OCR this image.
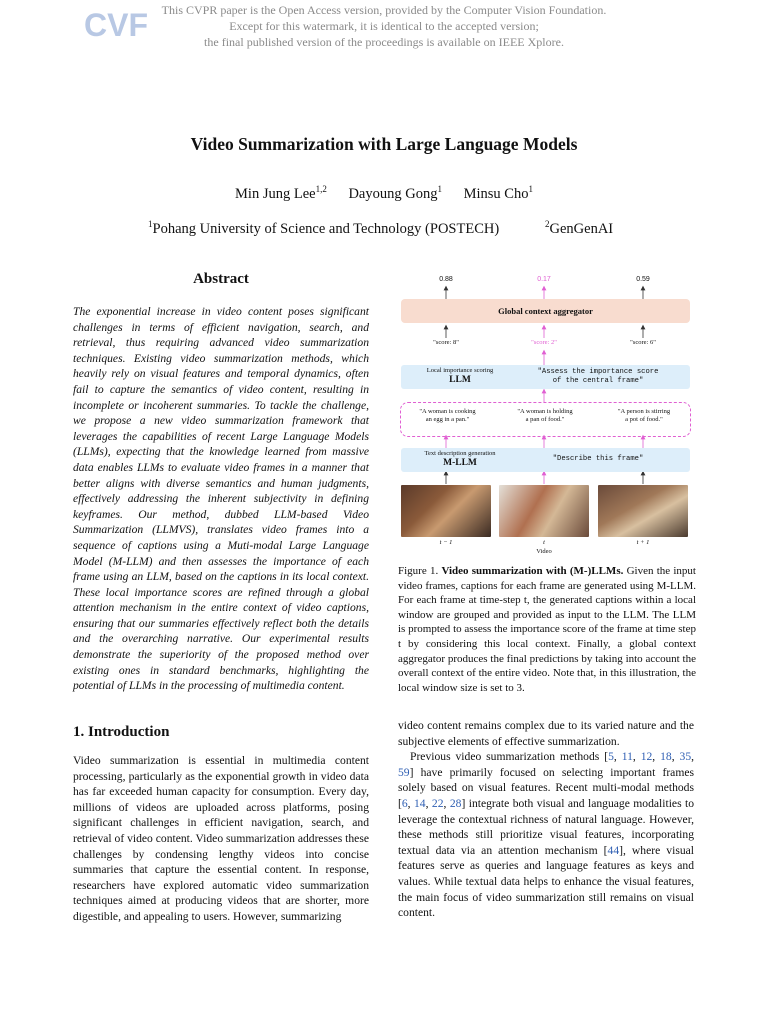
CVF This CVPR paper is the Open Access version, provided by the Computer Vision Foundation.
Except for this watermark, it is identical to the accepted version;
the final published version of the proceedings is available on IEEE Xplore.
Video Summarization with Large Language Models
Min Jung Lee$^{1,2}$ Dayoung Gong$^1$ Minsu Cho$^1$
$^1$Pohang University of Science and Technology (POSTECH)	$^2$GenGenAI
Abstract
The exponential increase in video content poses significant challenges in terms of efficient navigation, search, and retrieval, thus requiring advanced video summarization techniques. Existing video summarization methods, which heavily rely on visual features and temporal dynamics, often fail to capture the semantics of video content, resulting in incomplete or incoherent summaries. To tackle the challenge, we propose a new video summarization framework that leverages the capabilities of recent Large Language Models (LLMs), expecting that the knowledge learned from massive data enables LLMs to evaluate video frames in a manner that better aligns with diverse semantics and human judgments, effectively addressing the inherent subjectivity in defining keyframes. Our method, dubbed LLM-based Video Summarization (LLMVS), translates video frames into a sequence of captions using a Muti-modal Large Language Model (M-LLM) and then assesses the importance of each frame using an LLM, based on the captions in its local context. These local importance scores are refined through a global attention mechanism in the entire context of video captions, ensuring that our summaries effectively reflect both the details and the overarching narrative. Our experimental results demonstrate the superiority of the proposed method over existing ones in standard benchmarks, highlighting the potential of LLMs in the processing of multimedia content.
0.88	0.17	0.59
Global context aggregator
"score: 8"	"score: 2"	"score: 6"
Local importance scoring
LLM
"Assess the importance score
of the central frame"
"A woman is cooking
an egg in a pan."
"A woman is holding
a pan of food."
"A person is stirring
a pot of food."
Text description generation
M-LLM	"Describe this frame"
t − 1	t	t + 1
Video
Figure 1. Video summarization with (M-)LLMs. Given the input video frames, captions for each frame are generated using M-LLM. For each frame at time-step t, the generated captions within a local window are grouped and provided as input to the LLM. The LLM is prompted to assess the importance score of the frame at time step t by considering this local context. Finally, a global context aggregator produces the final predictions by taking into account the overall context of the entire video. Note that, in this illustration, the local window size is set to 3.
1. Introduction
Video summarization is essential in multimedia content processing, particularly as the exponential growth in video data has far exceeded human capacity for consumption. Every day, millions of videos are uploaded across platforms, posing significant challenges in efficient navigation, search, and retrieval of video content. Video summarization addresses these challenges by condensing lengthy videos into concise summaries that capture the essential content. In response, researchers have explored automatic video summarization techniques aimed at producing videos that are shorter, more digestible, and appealing to users. However, summarizing

video content remains complex due to its varied nature and the subjective elements of effective summarization.

Previous video summarization methods [5, 11, 12, 18, 35, 59] have primarily focused on selecting important frames solely based on visual features. Recent multi-modal methods [6, 14, 22, 28] integrate both visual and language modalities to leverage the contextual richness of natural language. However, these methods still prioritize visual features, incorporating textual data via an attention mechanism [44], where visual features serve as queries and language features as keys and values. While textual data helps to enhance the visual features, the main focus of video summarization still remains on visual content.
